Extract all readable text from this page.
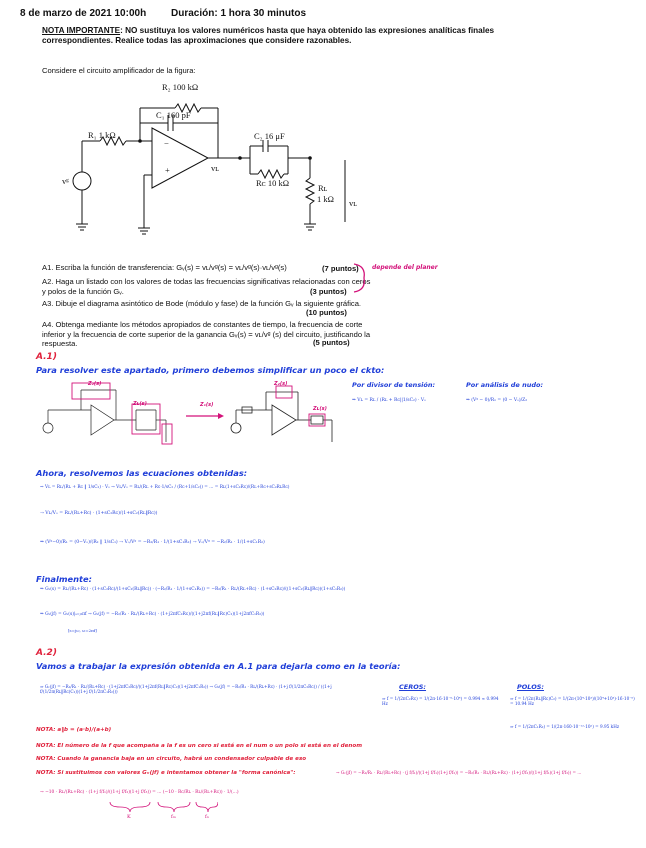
8 de marzo de 2021 10:00h Duración: 1 hora 30 minutos
NOTA IMPORTANTE: NO sustituya los valores numéricos hasta que haya obtenido las expresiones analíticas finales correspondientes. Realice todas las aproximaciones que considere razonables.
Considere el circuito amplificador de la figura:
R₂ 100 kΩ
C₁ 160 pF
R₁ 1 kΩ	C₂ 16 μF
Rᴄ 10 kΩ	Rʟ
1 kΩ
vᵍ
vʟ
vʟ
+
−
A1. Escriba la función de transferencia: Gᵥ(s) = vʟ/vᵍ(s) = vʟ/vᵍ(s)·vʟ/vᵍ(s)	(7 puntos)
A2. Haga un listado con los valores de todas las frecuencias significativas relacionadas con ceros y polos de la función Gᵥ.	(3 puntos)
A3. Dibuje el diagrama asintótico de Bode (módulo y fase) de la función Gᵥ la siguiente gráfica.
(10 puntos)
A4. Obtenga mediante los métodos apropiados de constantes de tiempo, la frecuencia de corte inferior y la frecuencia de corte superior de la ganancia Gᵥ(s) = vʟ/vᵍ (s) del circuito, justificando la respuesta.	(5 puntos)
depende del planer
A.1)
Para resolver este apartado, primero debemos simplificar un poco el ckto:
Z₂(s)
Zʟ(s)
Z₂(s)
Zʟ(s)
Z₁(s)
Por divisor de tensión:
⇒ Vʟ = Rʟ / (Rʟ + Rᴄ||1/sC₂) · Vₒ
Por análisis de nudo:
⇒ (Vᵍ − 0)/R₁ = (0 − Vₒ)/Z₂
Ahora, resolvemos las ecuaciones obtenidas:
⇒ Vʟ = Rʟ/(Rʟ + Rᴄ ‖ 1/sC₂) · Vₒ → Vʟ/Vₒ = Rʟ/(Rʟ + Rᴄ·1/sC₂ / (Rᴄ+1/sC₂)) = ... = Rʟ(1+sC₂Rᴄ)/(Rʟ+Rᴄ+sC₂RʟRᴄ)
→ Vʟ/Vₒ = Rʟ/(Rʟ+Rᴄ) · (1+sC₂Rᴄ)/(1+sC₂(Rʟ‖Rᴄ))
⇒ (Vᵍ−0)/R₁ = (0−Vₒ)/(R₂ ‖ 1/sC₁) → Vₒ/Vᵍ = −R₂/R₁ · 1/(1+sC₁R₂) → Vₒ/Vᵍ = −R₂/R₁ · 1/(1+sC₁R₂)
Finalmente:
⇒ Gᵥ(s) = Rʟ/(Rʟ+Rᴄ) · (1+sC₂Rᴄ)/(1+sC₂(Rʟ‖Rᴄ)) · (−R₂/R₁ · 1/(1+sC₁R₂)) = −R₂/R₁ · Rʟ/(Rʟ+Rᴄ) · (1+sC₂Rᴄ)/((1+sC₂(Rʟ‖Rᴄ))(1+sC₁R₂))
⇒ Gᵥ(jf) = Gᵥ(s)|ₛ₌ⱼ₂πf → Gᵥ(jf) = −R₂/R₁ · Rʟ/(Rʟ+Rᴄ) · (1+j2πfC₂Rᴄ)/((1+j2πf(Rʟ‖Rᴄ)C₂)(1+j2πfC₁R₂))
[s=jω, ω=2πf]
A.2)
Vamos a trabajar la expresión obtenida en A.1 para dejarla como en la teoría:
⇒ Gᵥ(jf) = −R₂/R₁ · Rʟ/(Rʟ+Rᴄ) · (1+j2πfC₂Rᴄ)/((1+j2πf(Rʟ‖Rᴄ)C₂)(1+j2πfC₁R₂)) → Gᵥ(jf) = −R₂/R₁ · Rʟ/(Rʟ+Rᴄ) · (1+j f/(1/2πC₂Rᴄ)) / ((1+j f/(1/2π(Rʟ‖Rᴄ)C₂))(1+j f/(1/2πC₁R₂)))
CEROS:
⇒ f = 1/(2πC₂Rᴄ) = 1/(2π·16·10⁻⁶·10⁴) = 0.994 ≈ 0.994 Hz
POLOS:
⇒ f = 1/(2π(Rʟ‖Rᴄ)C₂) = 1/(2π·(10⁴·10³)/(10⁴+10³)·16·10⁻⁶) = 10.94 Hz
⇒ f = 1/(2πC₁R₂) = 1/(2π·160·10⁻¹²·10⁵) = 9.95 kHz
NOTA: a‖b = (a·b)/(a+b)
NOTA: El número de la f que acompaña a la f es un cero si está en el num o un polo si está en el denom
NOTA: Cuando la ganancia baja en un circuito, habrá un condensador culpable de eso
NOTA: Si sustituimos con valores Gᵥ(jf) e intentamos obtener la "forma canónica":	→ Gᵥ(jf) = −R₂/R₁ · Rʟ/(Rʟ+Rᴄ) · (j f/f₁)/((1+j f/f₁)(1+j f/f₂)) = −R₂/R₁ · Rʟ/(Rʟ+Rᴄ) · (1+j f/f₂)/((1+j f/f₁)(1+j f/f₃)) = ...
→ −10 · Rʟ/(Rʟ+Rᴄ) · (1+j f/f₁)/((1+j f/f₂)(1+j f/f₃)) = ... (−10 · Rᴄ/Rʟ · Rʟ/(Rʟ+Rᴄ)) · 1/(...)
K	fₘ	fₙ
